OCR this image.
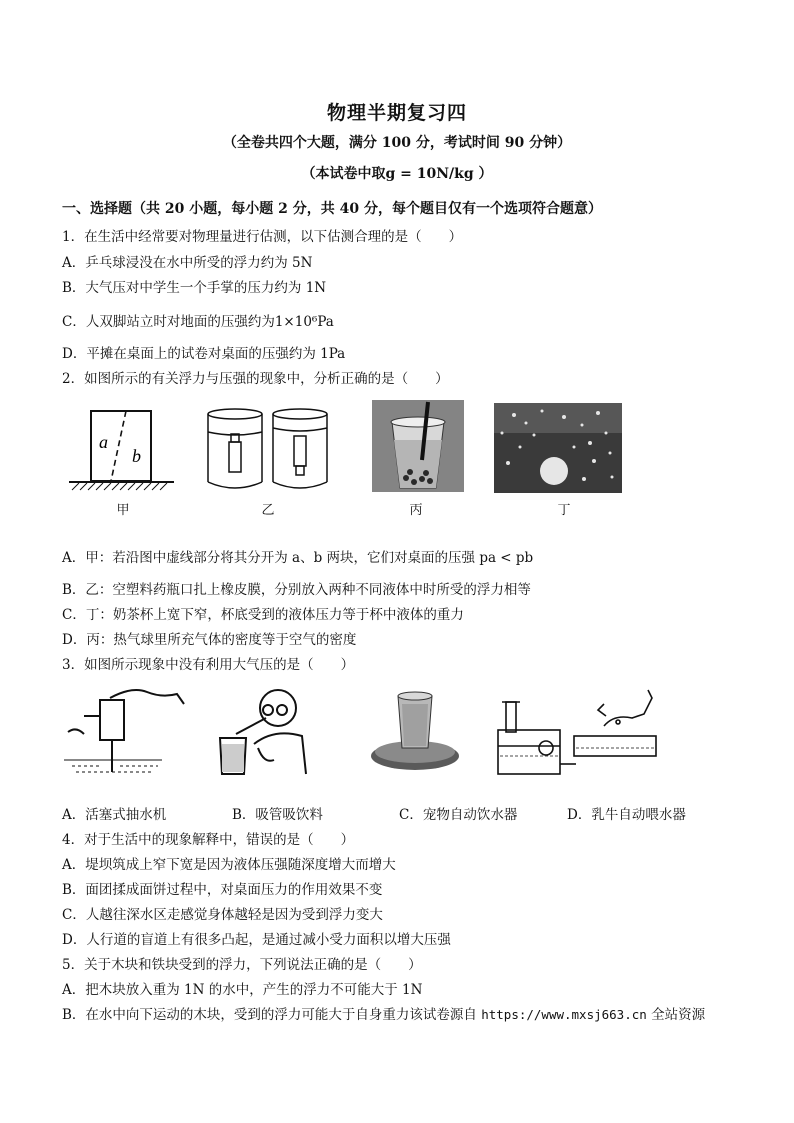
物理半期复习四
（全卷共四个大题，满分 100 分，考试时间 90 分钟）
（本试卷中取g = 10N/kg ）
一、选择题（共 20 小题，每小题 2 分，共 40 分，每个题目仅有一个选项符合题意）
1．在生活中经常要对物理量进行估测，以下估测合理的是（　　）
A．乒乓球浸没在水中所受的浮力约为 5N
B．大气压对中学生一个手掌的压力约为 1N
C．人双脚站立时对地面的压强约为1×10⁶Pa
D．平摊在桌面上的试卷对桌面的压强约为 1Pa
2．如图所示的有关浮力与压强的现象中，分析正确的是（　　）
a
b
甲	乙	丙	丁
A．甲：若沿图中虚线部分将其分开为 a、b 两块，它们对桌面的压强 pa < pb
B．乙：空塑料药瓶口扎上橡皮膜，分别放入两种不同液体中时所受的浮力相等
C．丁：奶茶杯上宽下窄，杯底受到的液体压力等于杯中液体的重力
D．丙：热气球里所充气体的密度等于空气的密度
3．如图所示现象中没有利用大气压的是（　　）
A．活塞式抽水机	B．吸管吸饮料	C．宠物自动饮水器	D．乳牛自动喂水器
4．对于生活中的现象解释中，错误的是（　　）
A．堤坝筑成上窄下宽是因为液体压强随深度增大而增大
B．面团揉成面饼过程中，对桌面压力的作用效果不变
C．人越往深水区走感觉身体越轻是因为受到浮力变大
D．人行道的盲道上有很多凸起，是通过减小受力面积以增大压强
5．关于木块和铁块受到的浮力，下列说法正确的是（　　）
A．把木块放入重为 1N 的水中，产生的浮力不可能大于 1N
B．在水中向下运动的木块，受到的浮力可能大于自身重力该试卷源自 https://www.mxsj663.cn 全站资源
